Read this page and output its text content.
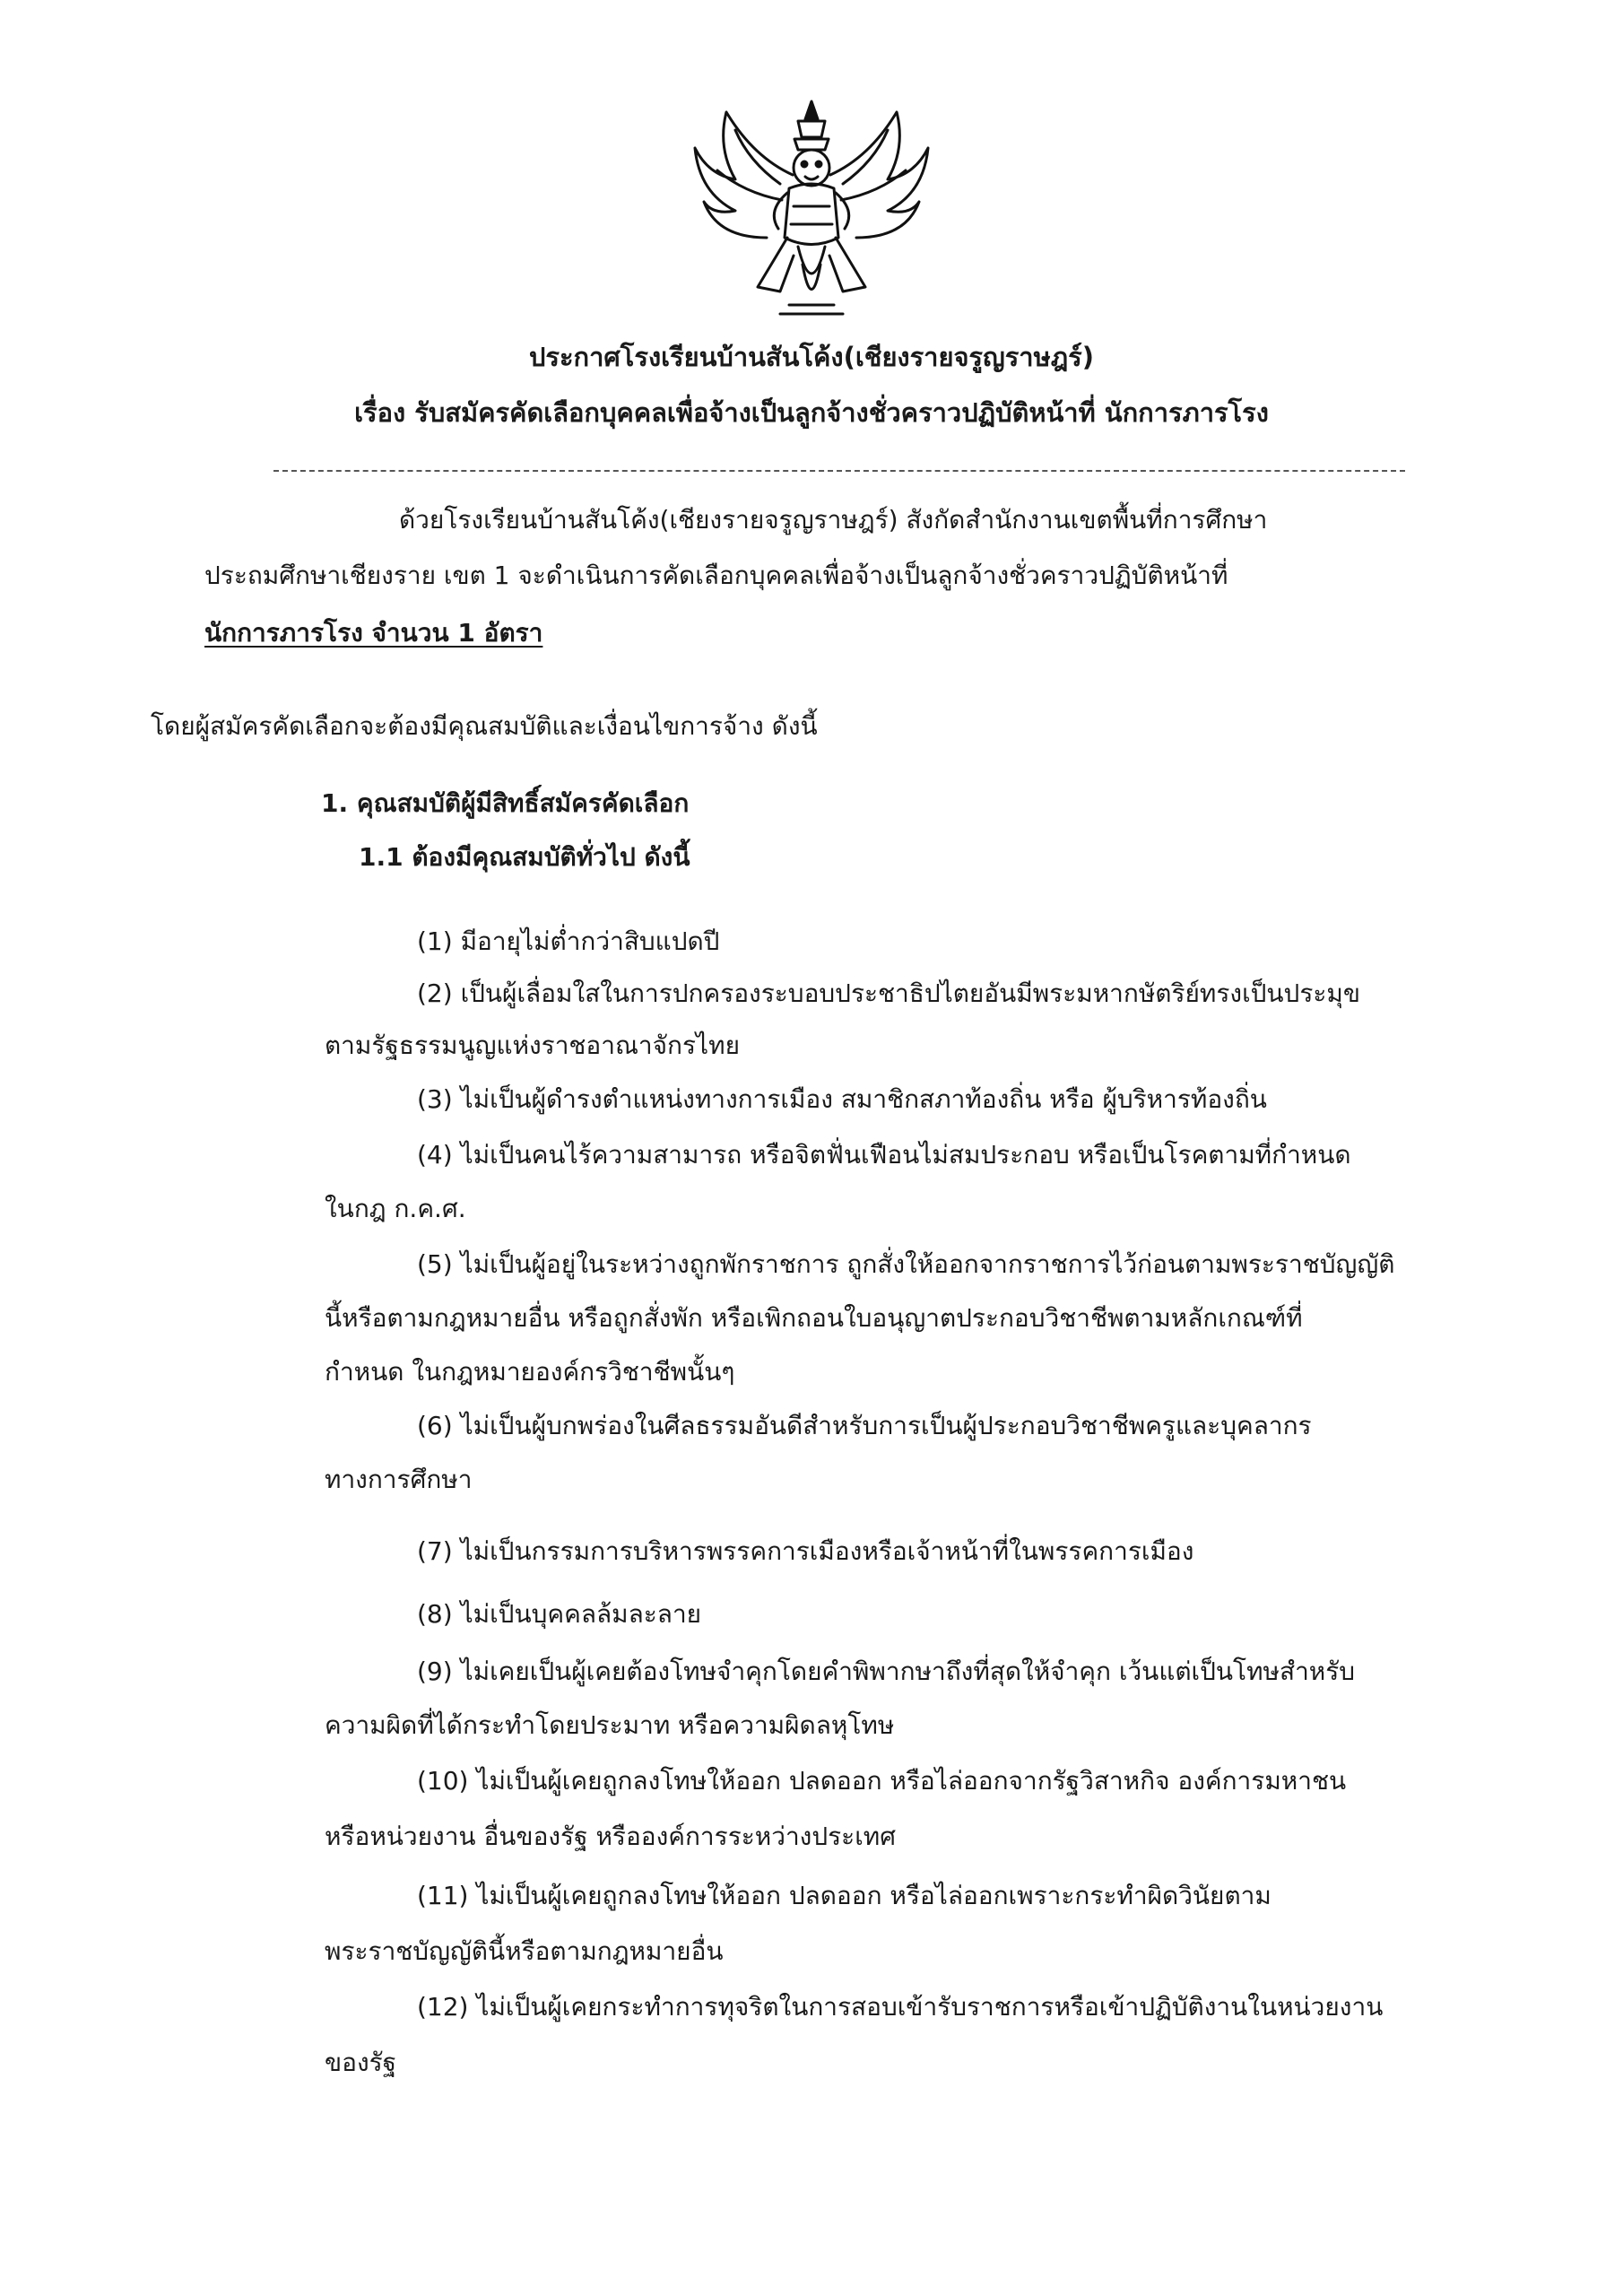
ประกาศโรงเรียนบ้านสันโค้ง(เชียงรายจรูญราษฎร์)
เรื่อง รับสมัครคัดเลือกบุคคลเพื่อจ้างเป็นลูกจ้างชั่วคราวปฏิบัติหน้าที่ นักการภารโรง
ด้วยโรงเรียนบ้านสันโค้ง(เชียงรายจรูญราษฎร์) สังกัดสำนักงานเขตพื้นที่การศึกษา
ประถมศึกษาเชียงราย เขต 1 จะดำเนินการคัดเลือกบุคคลเพื่อจ้างเป็นลูกจ้างชั่วคราวปฏิบัติหน้าที่
นักการภารโรง จำนวน 1 อัตรา
โดยผู้สมัครคัดเลือกจะต้องมีคุณสมบัติและเงื่อนไขการจ้าง ดังนี้
1. คุณสมบัติผู้มีสิทธิ์สมัครคัดเลือก
1.1 ต้องมีคุณสมบัติทั่วไป ดังนี้
(1) มีอายุไม่ต่ำกว่าสิบแปดปี
(2) เป็นผู้เลื่อมใสในการปกครองระบอบประชาธิปไตยอันมีพระมหากษัตริย์ทรงเป็นประมุข
ตามรัฐธรรมนูญแห่งราชอาณาจักรไทย
(3) ไม่เป็นผู้ดำรงตำแหน่งทางการเมือง สมาชิกสภาท้องถิ่น หรือ ผู้บริหารท้องถิ่น
(4) ไม่เป็นคนไร้ความสามารถ หรือจิตฟั่นเฟือนไม่สมประกอบ หรือเป็นโรคตามที่กำหนด
ในกฎ ก.ค.ศ.
(5) ไม่เป็นผู้อยู่ในระหว่างถูกพักราชการ ถูกสั่งให้ออกจากราชการไว้ก่อนตามพระราชบัญญัติ
นี้หรือตามกฎหมายอื่น หรือถูกสั่งพัก หรือเพิกถอนใบอนุญาตประกอบวิชาชีพตามหลักเกณฑ์ที่
กำหนด ในกฎหมายองค์กรวิชาชีพนั้นๆ
(6) ไม่เป็นผู้บกพร่องในศีลธรรมอันดีสำหรับการเป็นผู้ประกอบวิชาชีพครูและบุคลากร
ทางการศึกษา
(7) ไม่เป็นกรรมการบริหารพรรคการเมืองหรือเจ้าหน้าที่ในพรรคการเมือง
(8) ไม่เป็นบุคคลล้มละลาย
(9) ไม่เคยเป็นผู้เคยต้องโทษจำคุกโดยคำพิพากษาถึงที่สุดให้จำคุก เว้นแต่เป็นโทษสำหรับ
ความผิดที่ได้กระทำโดยประมาท หรือความผิดลหุโทษ
(10) ไม่เป็นผู้เคยถูกลงโทษให้ออก ปลดออก หรือไล่ออกจากรัฐวิสาหกิจ องค์การมหาชน
หรือหน่วยงาน อื่นของรัฐ หรือองค์การระหว่างประเทศ
(11) ไม่เป็นผู้เคยถูกลงโทษให้ออก ปลดออก หรือไล่ออกเพราะกระทำผิดวินัยตาม
พระราชบัญญัตินี้หรือตามกฎหมายอื่น
(12) ไม่เป็นผู้เคยกระทำการทุจริตในการสอบเข้ารับราชการหรือเข้าปฏิบัติงานในหน่วยงาน
ของรัฐ
